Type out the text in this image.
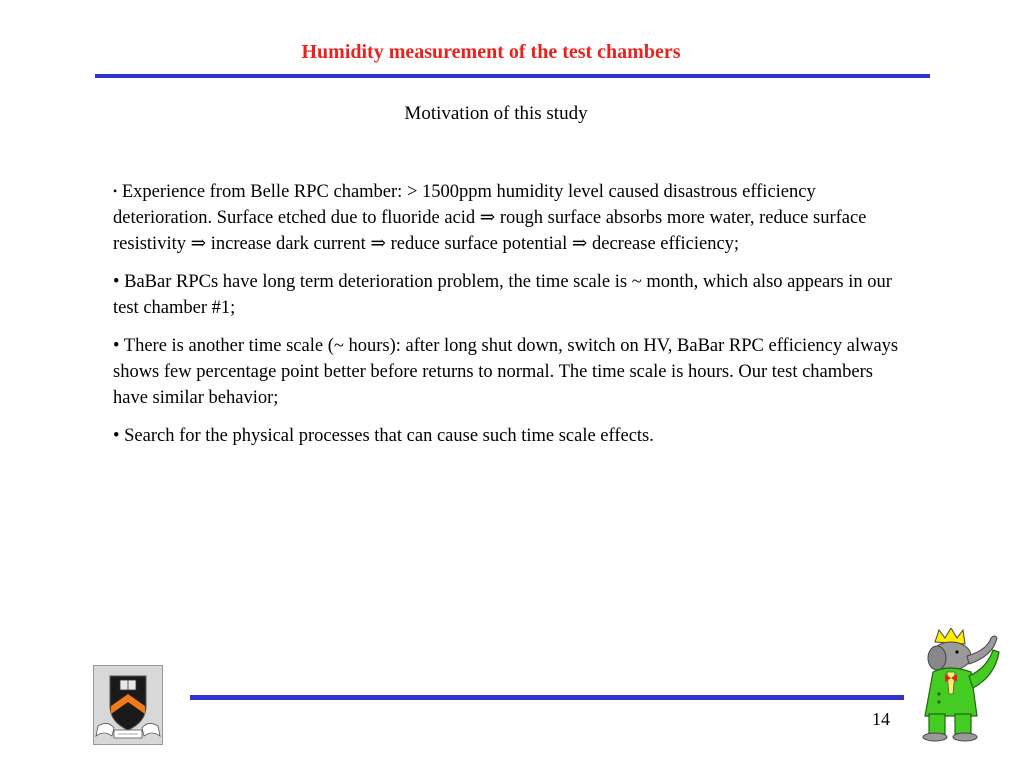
Humidity measurement of the test chambers
Motivation of this study
• Experience from Belle RPC chamber: > 1500ppm humidity level caused disastrous efficiency deterioration. Surface etched due to fluoride acid ⇒ rough surface absorbs more water, reduce surface resistivity ⇒ increase dark current ⇒ reduce surface potential ⇒ decrease efficiency;
• BaBar RPCs have long term deterioration problem, the time scale is ~ month, which also appears in our test chamber #1;
• There is another time scale (~ hours): after long shut down, switch on HV, BaBar RPC efficiency always shows few percentage point better before returns to normal. The time scale is hours. Our test chambers have similar behavior;
• Search for the physical processes that can cause such time scale effects.
14
